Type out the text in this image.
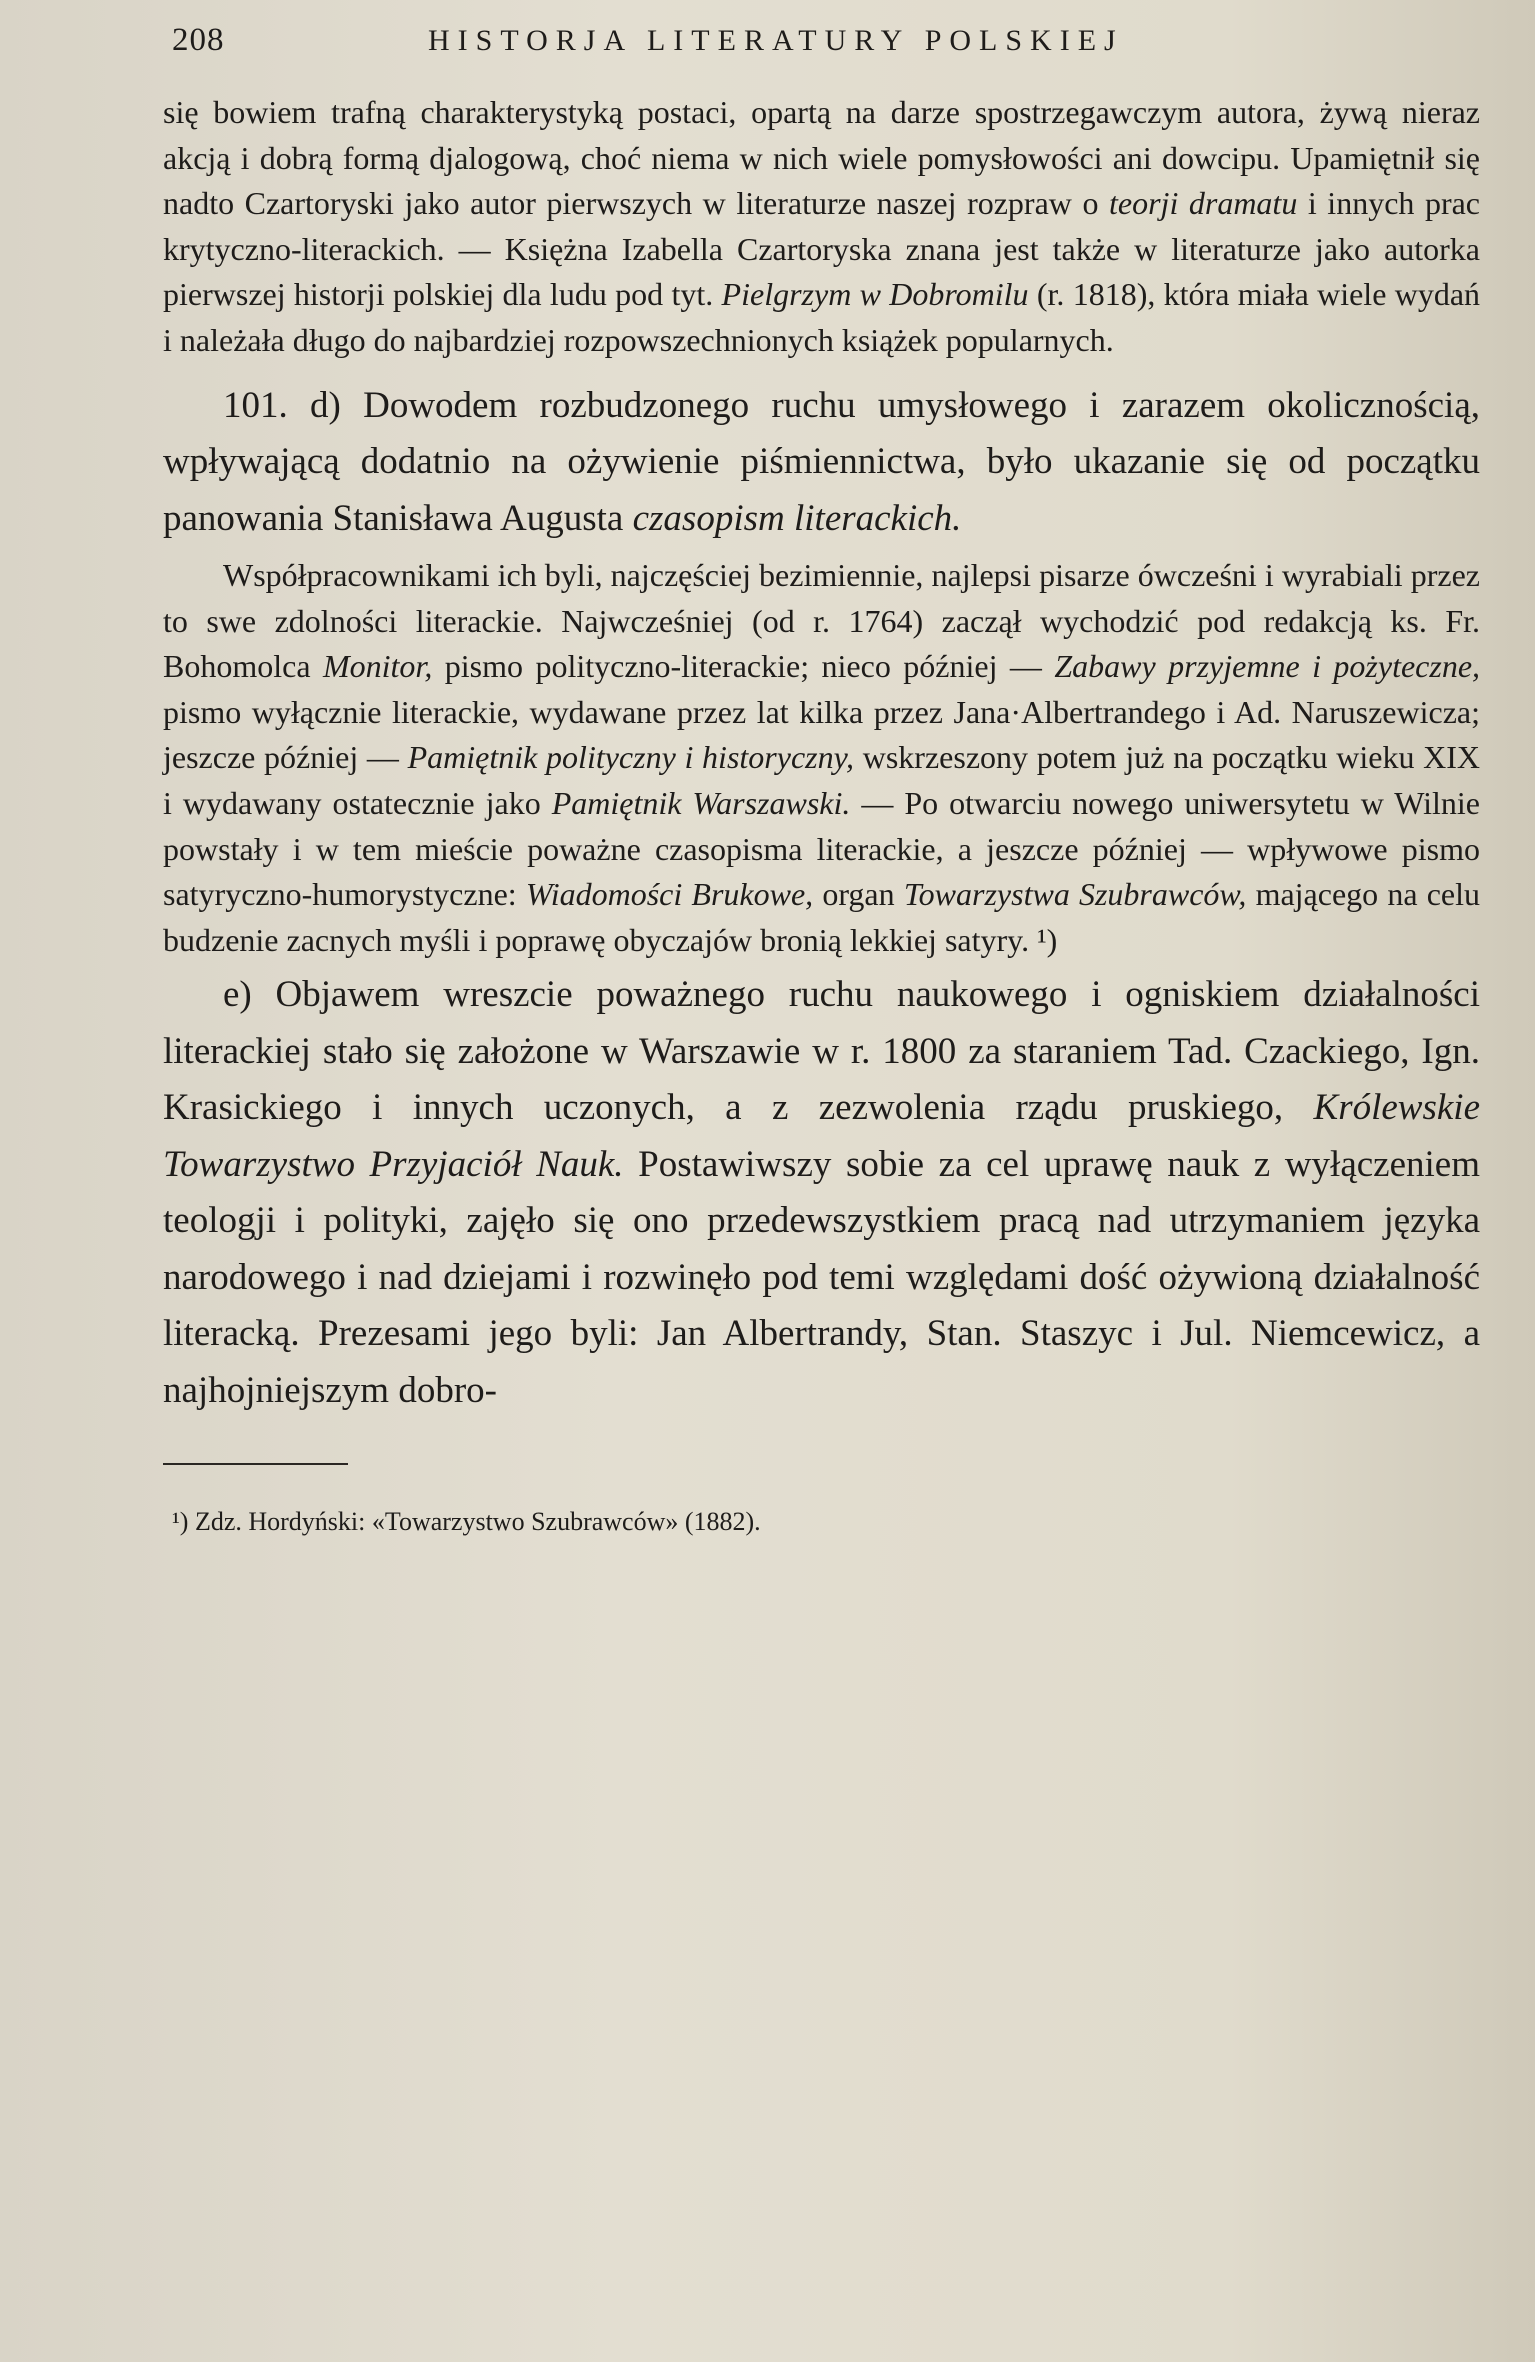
208	HISTORJA LITERATURY POLSKIEJ

się bowiem trafną charakterystyką postaci, opartą na darze spostrzegawczym autora, żywą nieraz akcją i dobrą formą djalogową, choć niema w nich wiele pomysłowości ani dowcipu. Upamiętnił się nadto Czartoryski jako autor pierwszych w literaturze naszej rozpraw o teorji dramatu i innych prac krytyczno-literackich. — Księżna Izabella Czartoryska znana jest także w literaturze jako autorka pierwszej historji polskiej dla ludu pod tyt. Pielgrzym w Dobromilu (r. 1818), która miała wiele wydań i należała długo do najbardziej rozpowszechnionych książek popularnych.

101. d) Dowodem rozbudzonego ruchu umysłowego i zarazem okolicznością, wpływającą dodatnio na ożywienie piśmiennictwa, było ukazanie się od początku panowania Stanisława Augusta czasopism literackich.

Współpracownikami ich byli, najczęściej bezimiennie, najlepsi pisarze ówcześni i wyrabiali przez to swe zdolności literackie. Najwcześniej (od r. 1764) zaczął wychodzić pod redakcją ks. Fr. Bohomolca Monitor, pismo polityczno-literackie; nieco później — Zabawy przyjemne i pożyteczne, pismo wyłącznie literackie, wydawane przez lat kilka przez Jana·Albertrandego i Ad. Naruszewicza; jeszcze później — Pamiętnik polityczny i historyczny, wskrzeszony potem już na początku wieku XIX i wydawany ostatecznie jako Pamiętnik Warszawski. — Po otwarciu nowego uniwersytetu w Wilnie powstały i w tem mieście poważne czasopisma literackie, a jeszcze później — wpływowe pismo satyryczno-humorystyczne: Wiadomości Brukowe, organ Towarzystwa Szubrawców, mającego na celu budzenie zacnych myśli i poprawę obyczajów bronią lekkiej satyry. ¹)

e) Objawem wreszcie poważnego ruchu naukowego i ogniskiem działalności literackiej stało się założone w Warszawie w r. 1800 za staraniem Tad. Czackiego, Ign. Krasickiego i innych uczonych, a z zezwolenia rządu pruskiego, Królewskie Towarzystwo Przyjaciół Nauk. Postawiwszy sobie za cel uprawę nauk z wyłączeniem teologji i polityki, zajęło się ono przedewszystkiem pracą nad utrzymaniem języka narodowego i nad dziejami i rozwinęło pod temi względami dość ożywioną działalność literacką. Prezesami jego byli: Jan Albertrandy, Stan. Staszyc i Jul. Niemcewicz, a najhojniejszym dobro-

¹) Zdz. Hordyński: «Towarzystwo Szubrawców» (1882).
